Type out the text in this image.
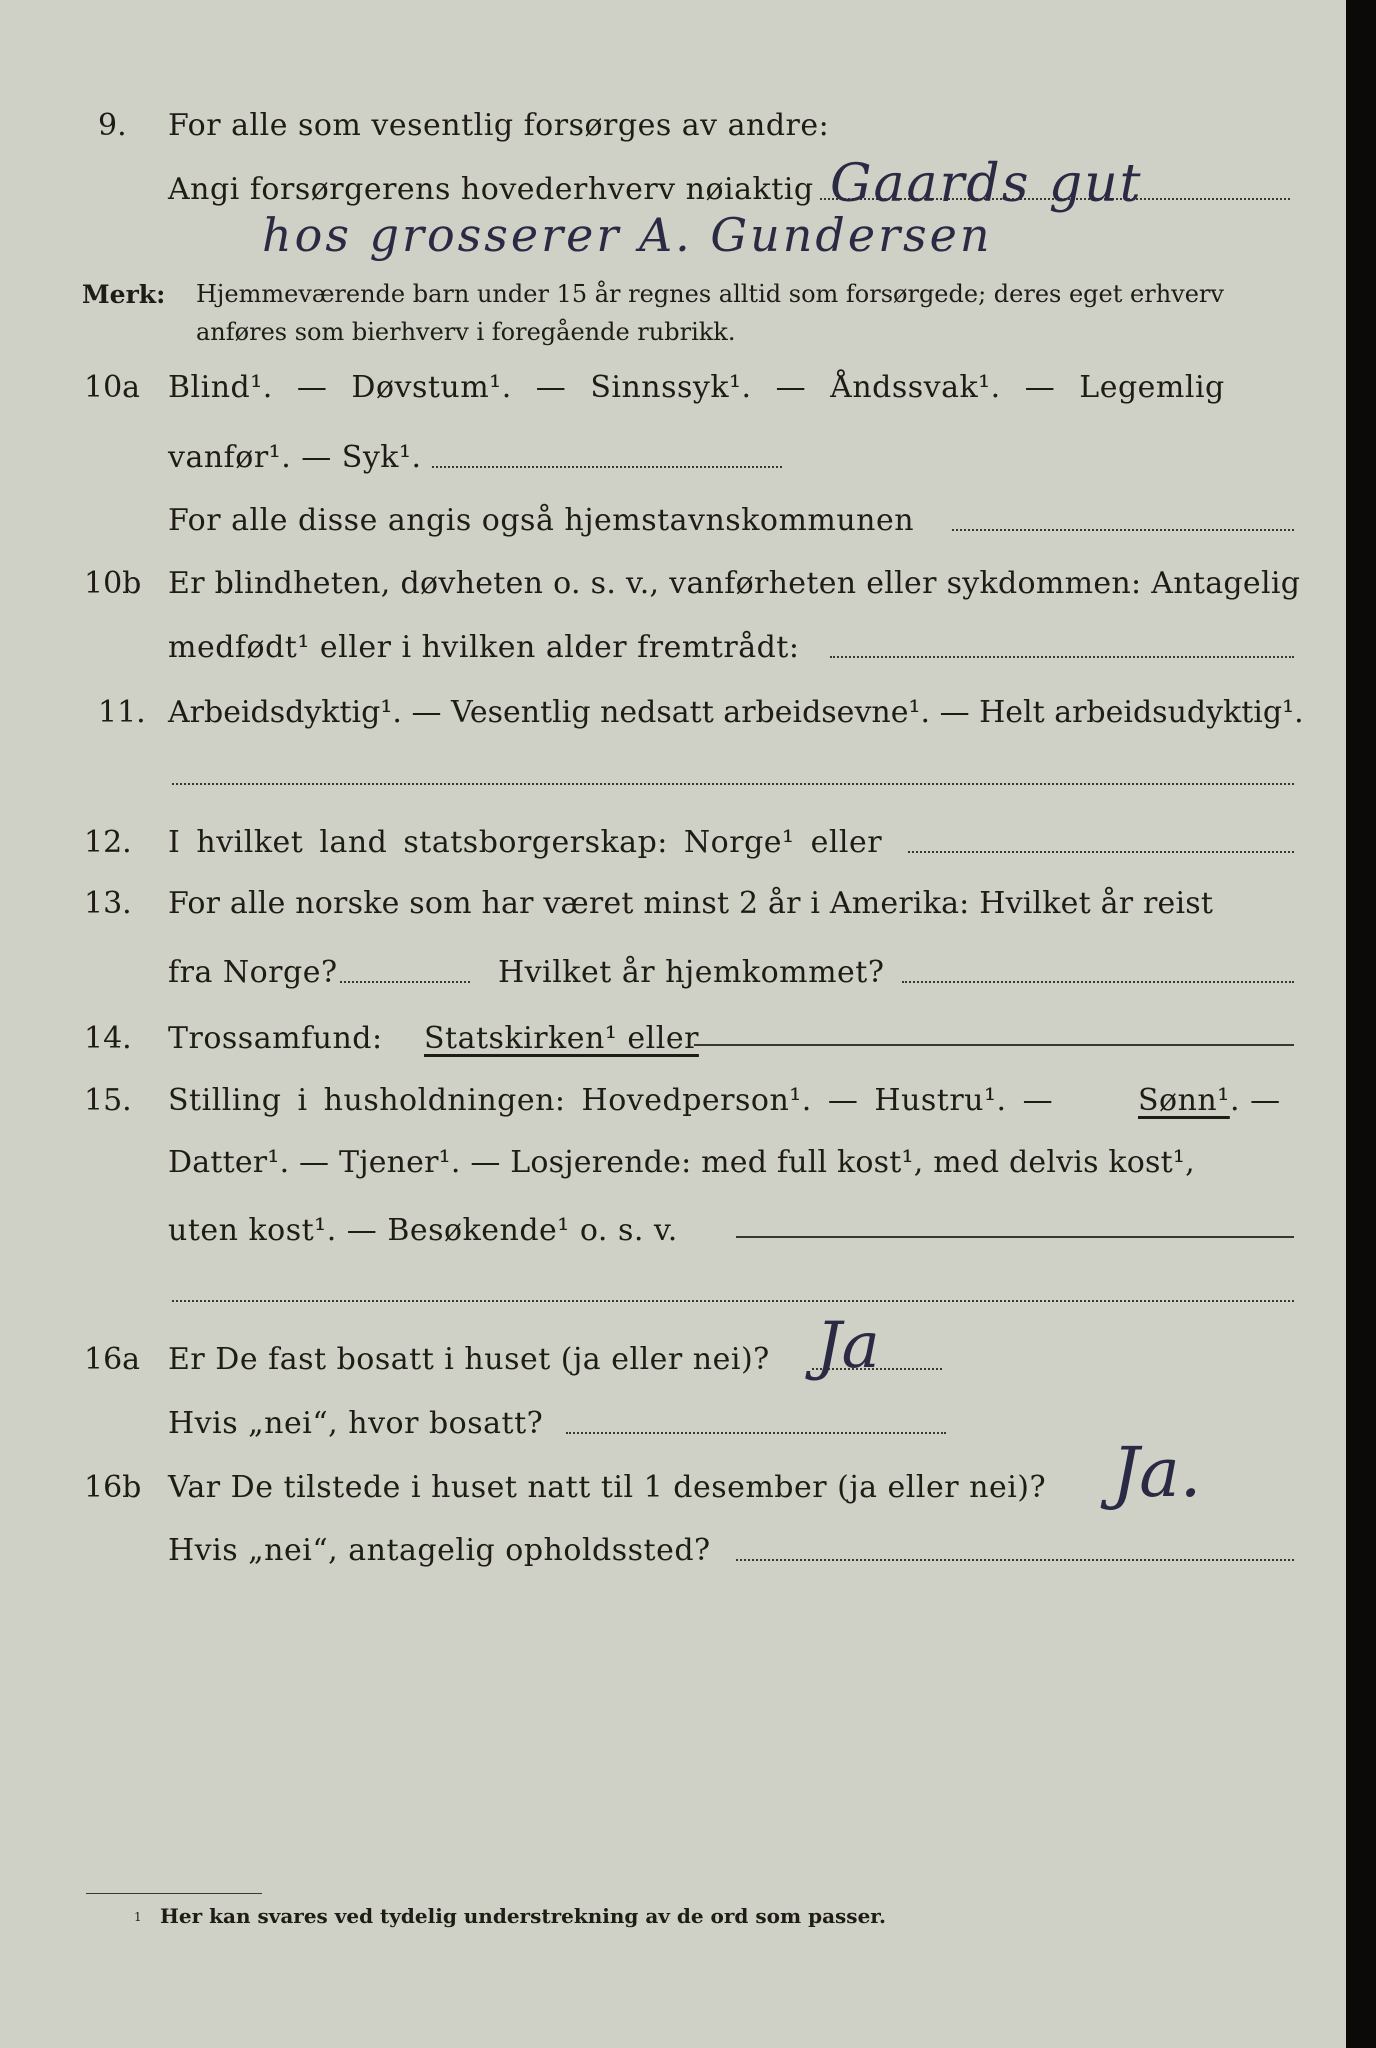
9. For alle som vesentlig forsørges av andre:
Angi forsørgerens hovederhverv nøiaktig Gaards gut
hos grosserer A. Gundersen
Merk: Hjemmeværende barn under 15 år regnes alltid som forsørgede; deres eget erhverv
anføres som bierhverv i foregående rubrikk.
10a Blind¹. — Døvstum¹. — Sinnssyk¹. — Åndssvak¹. — Legemlig
vanfør¹. — Syk¹.
For alle disse angis også hjemstavnskommunen
10b Er blindheten, døvheten o. s. v., vanførheten eller sykdommen: Antagelig
medfødt¹ eller i hvilken alder fremtrådt:
11. Arbeidsdyktig¹. — Vesentlig nedsatt arbeidsevne¹. — Helt arbeidsudyktig¹.
12. I hvilket land statsborgerskap: Norge¹ eller
13. For alle norske som har været minst 2 år i Amerika: Hvilket år reist
fra Norge?	Hvilket år hjemkommet?
14. Trossamfund: Statskirken¹ eller
15. Stilling i husholdningen: Hovedperson¹. — Hustru¹. —	Sønn¹ . —
Datter¹. — Tjener¹. — Losjerende: med full kost¹, med delvis kost¹,
uten kost¹. — Besøkende¹ o. s. v.
16a Er De fast bosatt i huset (ja eller nei)? Ja
Hvis „nei“, hvor bosatt?
16b Var De tilstede i huset natt til 1 desember (ja eller nei)? Ja.
Hvis „nei“, antagelig opholdssted?
1 Her kan svares ved tydelig understrekning av de ord som passer.
